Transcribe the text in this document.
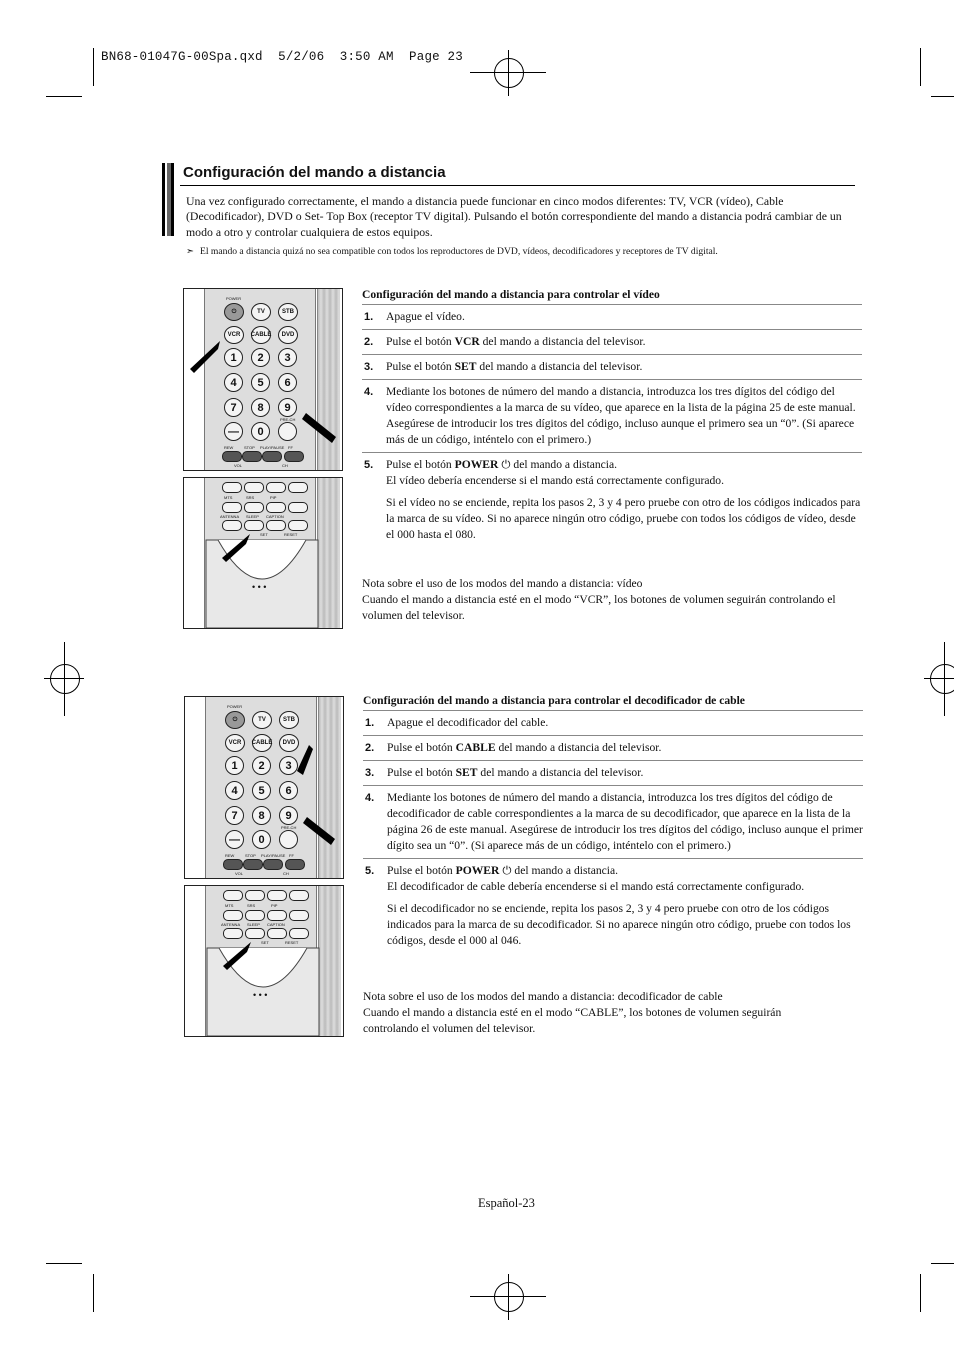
BN68-01047G-00Spa.qxd  5/2/06  3:50 AM  Page 23
Configuración del mando a distancia
Una vez configurado correctamente, el mando a distancia puede funcionar en cinco modos diferentes: TV, VCR (vídeo), Cable (Decodificador), DVD o Set- Top Box (receptor TV digital). Pulsando el botón correspondiente del mando a distancia podrá cambiar de un modo a otro y controlar cualquiera de estos equipos.
➣ El mando a distancia quizá no sea compatible con todos los reproductores de DVD, vídeos, decodificadores y receptores de TV digital.
⏻
POWER
TV	STB
VCR	CABLE	DVD
1	2	3
4	5	6
7	8	9
—	0
PRE-CH
REW	STOP PLAY/PAUSE FF
VOL	CH
MTS	SRS	PIP
ANTENNA SLEEP CAPTION
SET	RESET
• • •
Configuración del mando a distancia para controlar el vídeo
1. Apague el vídeo.
2. Pulse el botón VCR del mando a distancia del televisor.
3. Pulse el botón SET del mando a distancia del televisor.
4. Mediante los botones de número del mando a distancia, introduzca los tres dígitos del código del vídeo correspondientes a la marca de su vídeo, que aparece en la lista de la página 25 de este manual. Asegúrese de introducir los tres dígitos del código, incluso aunque el primero sea un “0”. (Si aparece más de un código, inténtelo con el primero.)
5. Pulse el botón POWER ⏻ del mando a distancia.
El vídeo debería encenderse si el mando está correctamente configurado.
Si el vídeo no se enciende, repita los pasos 2, 3 y 4 pero pruebe con otro de los códigos indicados para la marca de su vídeo. Si no aparece ningún otro código, pruebe con todos los códigos de vídeo, desde el 000 hasta el 080.
Nota sobre el uso de los modos del mando a distancia: vídeo
Cuando el mando a distancia esté en el modo “VCR”, los botones de volumen seguirán controlando el volumen del televisor.
⏻
POWER
TV	STB
VCR	CABLE	DVD
1	2	3
4	5	6
7	8	9
—	0
PRE-CH
REW	STOP PLAY/PAUSE FF
VOL	CH
MTS	SRS	PIP
ANTENNA SLEEP CAPTION
SET	RESET
• • •
Configuración del mando a distancia para controlar el decodificador de cable
1. Apague el decodificador del cable.
2. Pulse el botón CABLE del mando a distancia del televisor.
3. Pulse el botón SET del mando a distancia del televisor.
4. Mediante los botones de número del mando a distancia, introduzca los tres dígitos del código de decodificador de cable correspondientes a la marca de su decodificador, que aparece en la lista de la página 26 de este manual. Asegúrese de introducir los tres dígitos del código, incluso aunque el primer dígito sea un “0”. (Si aparece más de un código, inténtelo con el primero.)
5. Pulse el botón POWER ⏻ del mando a distancia.
El decodificador de cable debería encenderse si el mando está correctamente configurado.
Si el decodificador no se enciende, repita los pasos 2, 3 y 4 pero pruebe con otro de los códigos indicados para la marca de su decodificador. Si no aparece ningún otro código, pruebe con todos los códigos, desde el 000 al 046.
Nota sobre el uso de los modos del mando a distancia: decodificador de cable
Cuando el mando a distancia esté en el modo “CABLE”, los botones de volumen seguirán controlando el volumen del televisor.
Español-23
